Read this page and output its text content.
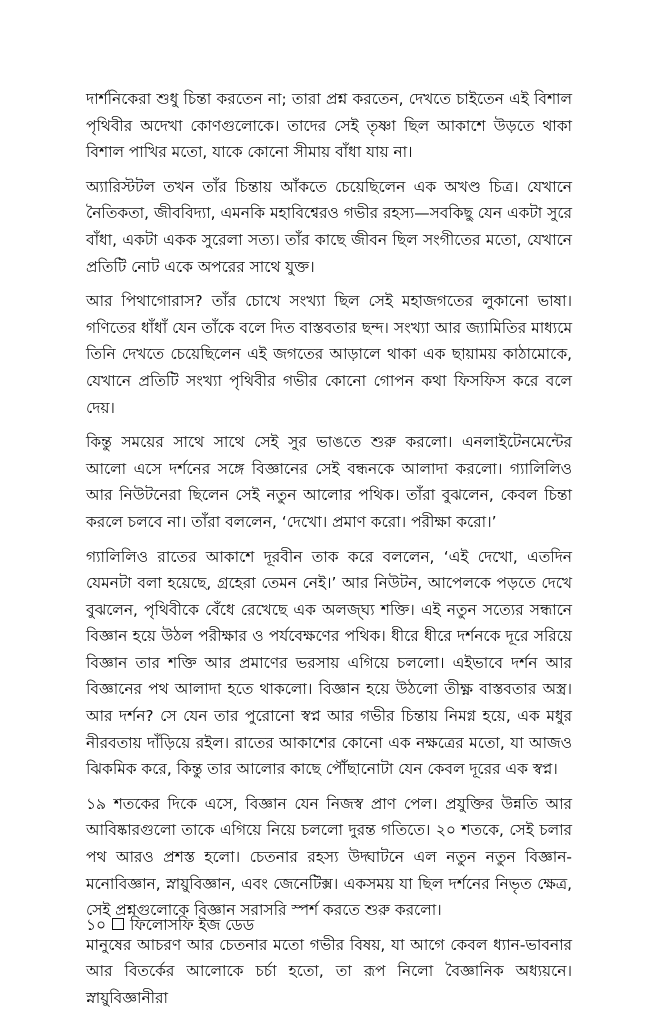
দার্শনিকেরা শুধু চিন্তা করতেন না; তারা প্রশ্ন করতেন, দেখতে চাইতেন এই বিশাল পৃথিবীর অদেখা কোণগুলোকে। তাদের সেই তৃষ্ণা ছিল আকাশে উড়তে থাকা বিশাল পাখির মতো, যাকে কোনো সীমায় বাঁধা যায় না।

অ্যারিস্টটল তখন তাঁর চিন্তায় আঁকতে চেয়েছিলেন এক অখণ্ড চিত্র। যেখানে নৈতিকতা, জীববিদ্যা, এমনকি মহাবিশ্বেরও গভীর রহস্য—সবকিছু যেন একটা সুরে বাঁধা, একটা একক সুরেলা সত্য। তাঁর কাছে জীবন ছিল সংগীতের মতো, যেখানে প্রতিটি নোট একে অপরের সাথে যুক্ত।

আর পিথাগোরাস? তাঁর চোখে সংখ্যা ছিল সেই মহাজগতের লুকানো ভাষা। গণিতের ধাঁধাঁ যেন তাঁকে বলে দিত বাস্তবতার ছন্দ। সংখ্যা আর জ্যামিতির মাধ্যমে তিনি দেখতে চেয়েছিলেন এই জগতের আড়ালে থাকা এক ছায়াময় কাঠামোকে, যেখানে প্রতিটি সংখ্যা পৃথিবীর গভীর কোনো গোপন কথা ফিসফিস করে বলে দেয়।

কিন্তু সময়ের সাথে সাথে সেই সুর ভাঙতে শুরু করলো। এনলাইটেনমেন্টের আলো এসে দর্শনের সঙ্গে বিজ্ঞানের সেই বন্ধনকে আলাদা করলো। গ্যালিলিও আর নিউটনেরা ছিলেন সেই নতুন আলোর পথিক। তাঁরা বুঝলেন, কেবল চিন্তা করলে চলবে না। তাঁরা বললেন, ‘দেখো। প্রমাণ করো। পরীক্ষা করো।’

গ্যালিলিও রাতের আকাশে দূরবীন তাক করে বললেন, ‘এই দেখো, এতদিন যেমনটা বলা হয়েছে, গ্রহেরা তেমন নেই।’ আর নিউটন, আপেলকে পড়তে দেখে বুঝলেন, পৃথিবীকে বেঁধে রেখেছে এক অলজ্ঘ্য শক্তি। এই নতুন সত্যের সন্ধানে বিজ্ঞান হয়ে উঠল পরীক্ষার ও পর্যবেক্ষণের পথিক। ধীরে ধীরে দর্শনকে দূরে সরিয়ে বিজ্ঞান তার শক্তি আর প্রমাণের ভরসায় এগিয়ে চললো। এইভাবে দর্শন আর বিজ্ঞানের পথ আলাদা হতে থাকলো। বিজ্ঞান হয়ে উঠলো তীক্ষ্ণ বাস্তবতার অস্ত্র। আর দর্শন? সে যেন তার পুরোনো স্বপ্ন আর গভীর চিন্তায় নিমগ্ন হয়ে, এক মধুর নীরবতায় দাঁড়িয়ে রইল। রাতের আকাশের কোনো এক নক্ষত্রের মতো, যা আজও ঝিকমিক করে, কিন্তু তার আলোর কাছে পৌঁছানোটা যেন কেবল দূরের এক স্বপ্ন।

১৯ শতকের দিকে এসে, বিজ্ঞান যেন নিজস্ব প্রাণ পেল। প্রযুক্তির উন্নতি আর আবিষ্কারগুলো তাকে এগিয়ে নিয়ে চললো দুরন্ত গতিতে। ২০ শতকে, সেই চলার পথ আরও প্রশস্ত হলো। চেতনার রহস্য উদ্ঘাটনে এল নতুন নতুন বিজ্ঞান-মনোবিজ্ঞান, স্নায়ুবিজ্ঞান, এবং জেনেটিক্স। একসময় যা ছিল দর্শনের নিভৃত ক্ষেত্র, সেই প্রশ্নগুলোকে বিজ্ঞান সরাসরি স্পর্শ করতে শুরু করলো।

মানুষের আচরণ আর চেতনার মতো গভীর বিষয়, যা আগে কেবল ধ্যান-ভাবনার আর বিতর্কের আলোকে চর্চা হতো, তা রূপ নিলো বৈজ্ঞানিক অধ্যয়নে। স্নায়ুবিজ্ঞানীরা

১০ ফিলোসফি ইজ ডেড
